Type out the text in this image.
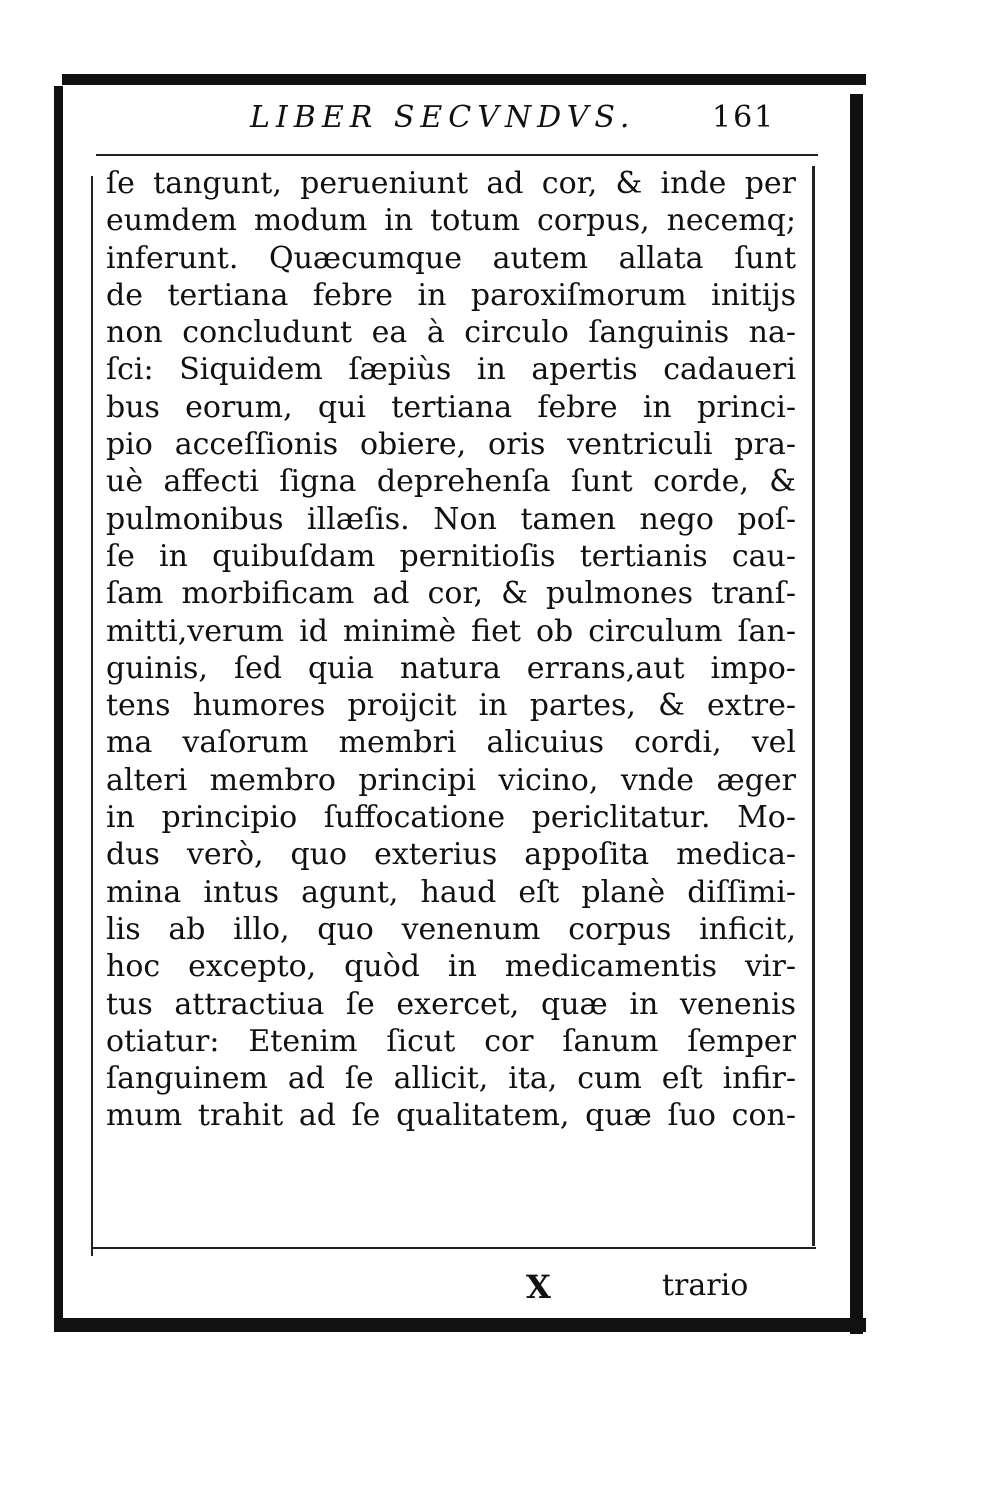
LIBER SECVNDVS.	161
ſe tangunt, perueniunt ad cor, & inde per
eumdem modum in totum corpus, necemq;
inferunt. Quæcumque autem allata ſunt
de tertiana febre in paroxiſmorum initijs
non concludunt ea à circulo ſanguinis na-
ſci: Siquidem ſæpiùs in apertis cadaueri
bus eorum, qui tertiana febre in princi-
pio acceſſionis obiere, oris ventriculi pra-
uè affecti ſigna deprehenſa ſunt corde, &
pulmonibus illæſis. Non tamen nego poſ-
ſe in quibuſdam pernitioſis tertianis cau-
ſam morbificam ad cor, & pulmones tranſ-
mitti,verum id minimè fiet ob circulum ſan-
guinis, ſed quia natura errans,aut impo-
tens humores proijcit in partes, & extre-
ma vaſorum membri alicuius cordi, vel
alteri membro principi vicino, vnde æger
in principio ſuffocatione periclitatur. Mo-
dus verò, quo exterius appoſita medica-
mina intus agunt, haud eſt planè diſſimi-
lis ab illo, quo venenum corpus inficit,
hoc excepto, quòd in medicamentis vir-
tus attractiua ſe exercet, quæ in venenis
otiatur: Etenim ſicut cor ſanum ſemper
ſanguinem ad ſe allicit, ita, cum eſt infir-
mum trahit ad ſe qualitatem, quæ ſuo con-
X	trario
